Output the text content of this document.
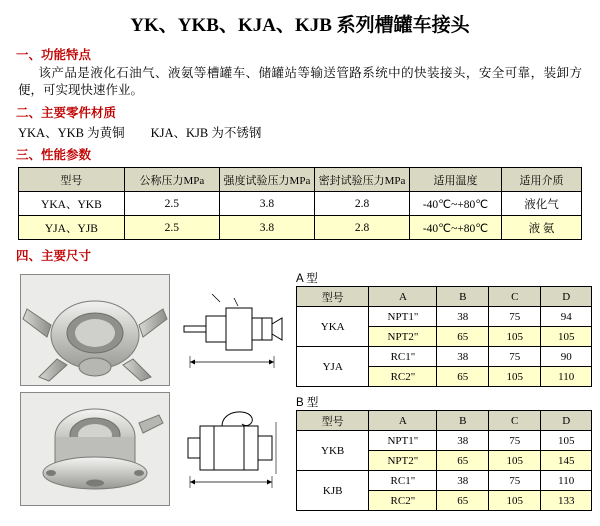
YK、YKB、KJA、KJB 系列槽罐车接头
一、功能特点
该产品是液化石油气、液氨等槽罐车、储罐站等输送管路系统中的快装接头，安全可靠，装卸方便，可实现快速作业。
二、主要零件材质
YKA、YKB 为黄铜 KJA、KJB 为不锈钢
三、性能参数
型号	公称压力MPa	强度试验压力MPa	密封试验压力MPa	适用温度	适用介质
YKA、YKB	2.5	3.8	2.8	-40℃~+80℃	液化气
YJA、YJB	2.5	3.8	2.8	-40℃~+80℃	液 氨
四、主要尺寸
A 型
型号	A	B	C	D
YKA	NPT1"	38	75	94
	NPT2"	65	105	105
YJA	RC1"	38	75	90
	RC2"	65	105	110
B 型
型号	A	B	C	D
YKB	NPT1"	38	75	105
	NPT2"	65	105	145
KJB	RC1"	38	75	110
	RC2"	65	105	133
